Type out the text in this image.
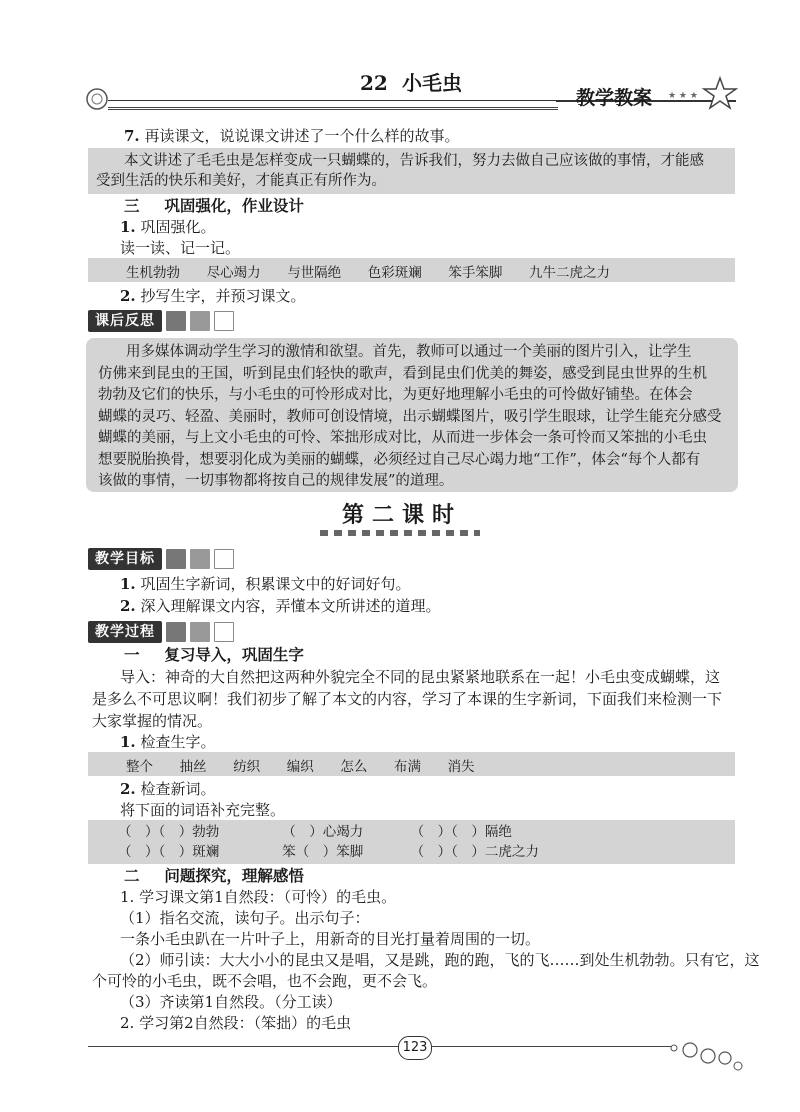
22 小毛虫
教学教案 ★ ★ ★
7. 再读课文，说说课文讲述了一个什么样的故事。
本文讲述了毛毛虫是怎样变成一只蝴蝶的，告诉我们，努力去做自己应该做的事情，才能感
受到生活的快乐和美好，才能真正有所作为。
三 巩固强化，作业设计
1. 巩固强化。
读一读、记一记。
生机勃勃 尽心竭力 与世隔绝 色彩斑斓 笨手笨脚 九牛二虎之力
2. 抄写生字，并预习课文。
课后反思
用多媒体调动学生学习的激情和欲望。首先，教师可以通过一个美丽的图片引入，让学生
仿佛来到昆虫的王国，听到昆虫们轻快的歌声，看到昆虫们优美的舞姿，感受到昆虫世界的生机
勃勃及它们的快乐，与小毛虫的可怜形成对比，为更好地理解小毛虫的可怜做好铺垫。在体会
蝴蝶的灵巧、轻盈、美丽时，教师可创设情境，出示蝴蝶图片，吸引学生眼球，让学生能充分感受
蝴蝶的美丽，与上文小毛虫的可怜、笨拙形成对比，从而进一步体会一条可怜而又笨拙的小毛虫
想要脱胎换骨，想要羽化成为美丽的蝴蝶，必须经过自己尽心竭力地“工作”，体会“每个人都有
该做的事情，一切事物都将按自己的规律发展”的道理。
第二课时
教学目标
1. 巩固生字新词，积累课文中的好词好句。
2. 深入理解课文内容，弄懂本文所讲述的道理。
教学过程
一 复习导入，巩固生字
导入：神奇的大自然把这两种外貌完全不同的昆虫紧紧地联系在一起！小毛虫变成蝴蝶，这
是多么不可思议啊！我们初步了解了本文的内容，学习了本课的生字新词，下面我们来检测一下
大家掌握的情况。
1. 检查生字。
整个 抽丝 纺织 编织 怎么 布满 消失
2. 检查新词。
将下面的词语补充完整。
（　）（　）勃勃	（　）心竭力	（　）（　）隔绝
（　）（　）斑斓	笨（　）笨脚	（　）（　）二虎之力
二 问题探究，理解感悟
1. 学习课文第1自然段：（可怜）的毛虫。
（1）指名交流，读句子。出示句子：
一条小毛虫趴在一片叶子上，用新奇的目光打量着周围的一切。
（2）师引读：大大小小的昆虫又是唱，又是跳，跑的跑，飞的飞……到处生机勃勃。只有它，这
个可怜的小毛虫，既不会唱，也不会跑，更不会飞。
（3）齐读第1自然段。（分工读）
2. 学习第2自然段：（笨拙）的毛虫
123
